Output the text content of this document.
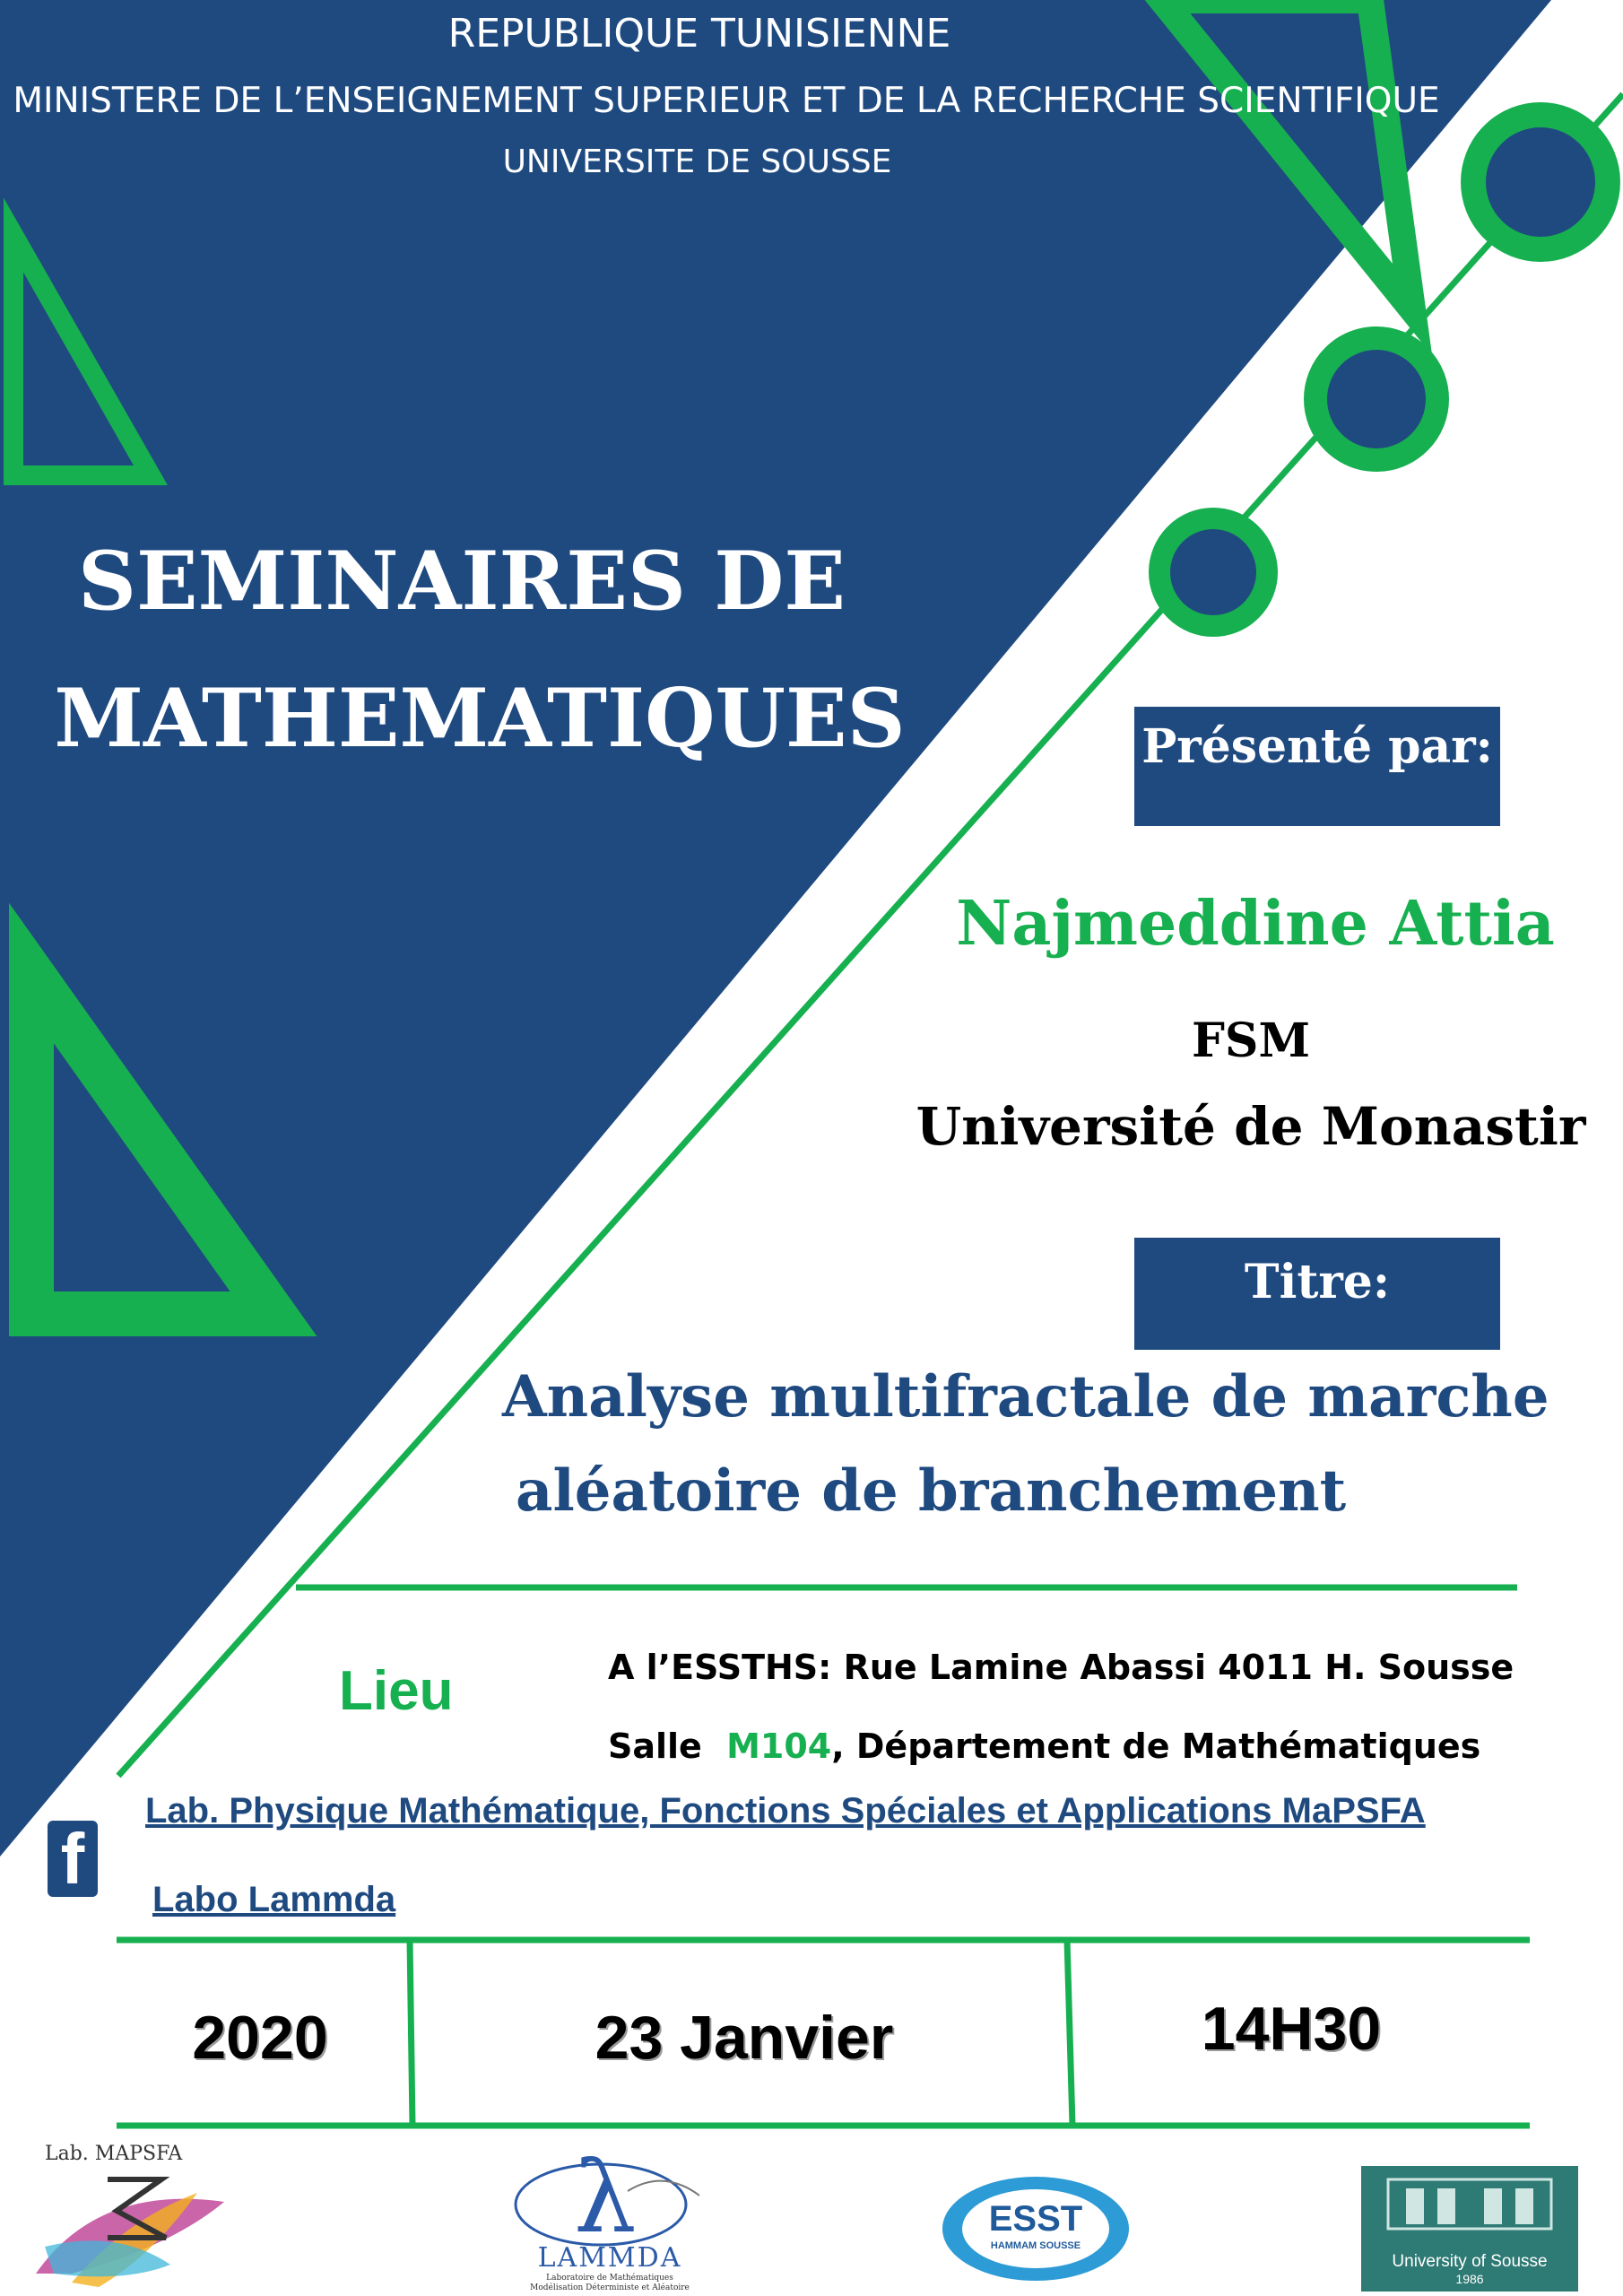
REPUBLIQUE TUNISIENNE
MINISTERE DE L’ENSEIGNEMENT SUPERIEUR ET DE LA RECHERCHE SCIENTIFIQUE
UNIVERSITE DE SOUSSE
SEMINAIRES DE
MATHEMATIQUES	Présenté par:
Najmeddine Attia
FSM
Université de Monastir
Titre:
Analyse multifractale de marche
aléatoire de branchement
Lieu	A l’ESSTHS: Rue Lamine Abassi 4011 H. Sousse
Salle M104, Département de Mathématiques
f
Lab. Physique Mathématique, Fonctions Spéciales et Applications MaPSFA
Labo Lammda
2020	23 Janvier	14H30
Lab. MAPSFA	λ
LAMMDA
Laboratoire de Mathématiques
Modélisation Déterministe et Aléatoire
ESST
HAMMAM SOUSSE
University of Sousse
1986
